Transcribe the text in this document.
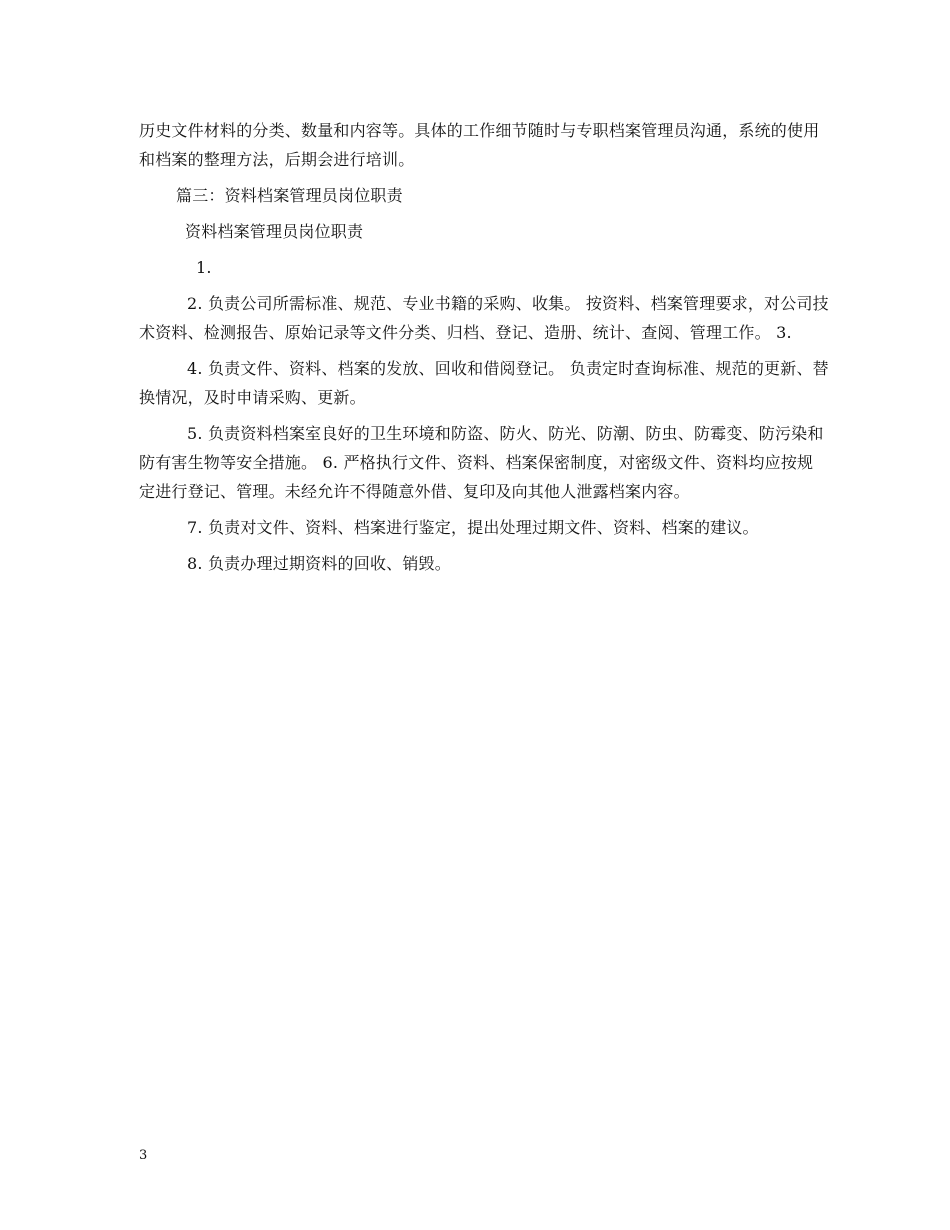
历史文件材料的分类、数量和内容等。具体的工作细节随时与专职档案管理员沟通，系统的使用和档案的整理方法，后期会进行培训。

篇三：资料档案管理员岗位职责

资料档案管理员岗位职责

1.

2. 负责公司所需标准、规范、专业书籍的采购、收集。 按资料、档案管理要求，对公司技术资料、检测报告、原始记录等文件分类、归档、登记、造册、统计、查阅、管理工作。 3.

4. 负责文件、资料、档案的发放、回收和借阅登记。 负责定时查询标准、规范的更新、替换情况，及时申请采购、更新。

5. 负责资料档案室良好的卫生环境和防盗、防火、防光、防潮、防虫、防霉变、防污染和防有害生物等安全措施。 6. 严格执行文件、资料、档案保密制度，对密级文件、资料均应按规定进行登记、管理。未经允许不得随意外借、复印及向其他人泄露档案内容。

7. 负责对文件、资料、档案进行鉴定，提出处理过期文件、资料、档案的建议。

8. 负责办理过期资料的回收、销毁。

3
